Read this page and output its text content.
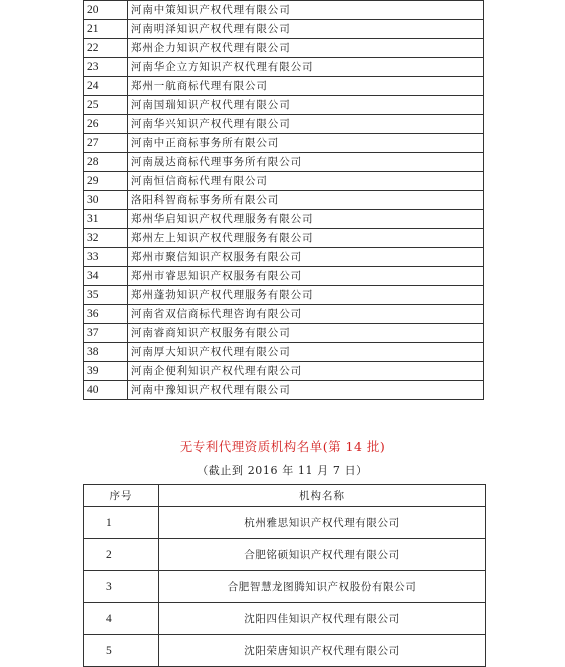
20	河南中策知识产权代理有限公司
21	河南明泽知识产权代理有限公司
22	郑州企力知识产权代理有限公司
23	河南华企立方知识产权代理有限公司
24	郑州一航商标代理有限公司
25	河南国瑞知识产权代理有限公司
26	河南华兴知识产权代理有限公司
27	河南中正商标事务所有限公司
28	河南晟达商标代理事务所有限公司
29	河南恒信商标代理有限公司
30	洛阳科智商标事务所有限公司
31	郑州华启知识产权代理服务有限公司
32	郑州左上知识产权代理服务有限公司
33	郑州市聚信知识产权服务有限公司
34	郑州市睿思知识产权服务有限公司
35	郑州蓬勃知识产权代理服务有限公司
36	河南省双信商标代理咨询有限公司
37	河南睿商知识产权服务有限公司
38	河南厚大知识产权代理有限公司
39	河南企便利知识产权代理有限公司
40	河南中豫知识产权代理有限公司
无专利代理资质机构名单(第 14 批)
（截止到 2016 年 11 月 7 日）
序号	机构名称
1	杭州雅思知识产权代理有限公司
2	合肥铭硕知识产权代理有限公司
3	合肥智慧龙图腾知识产权股份有限公司
4	沈阳四佳知识产权代理有限公司
5	沈阳荣唐知识产权代理有限公司
